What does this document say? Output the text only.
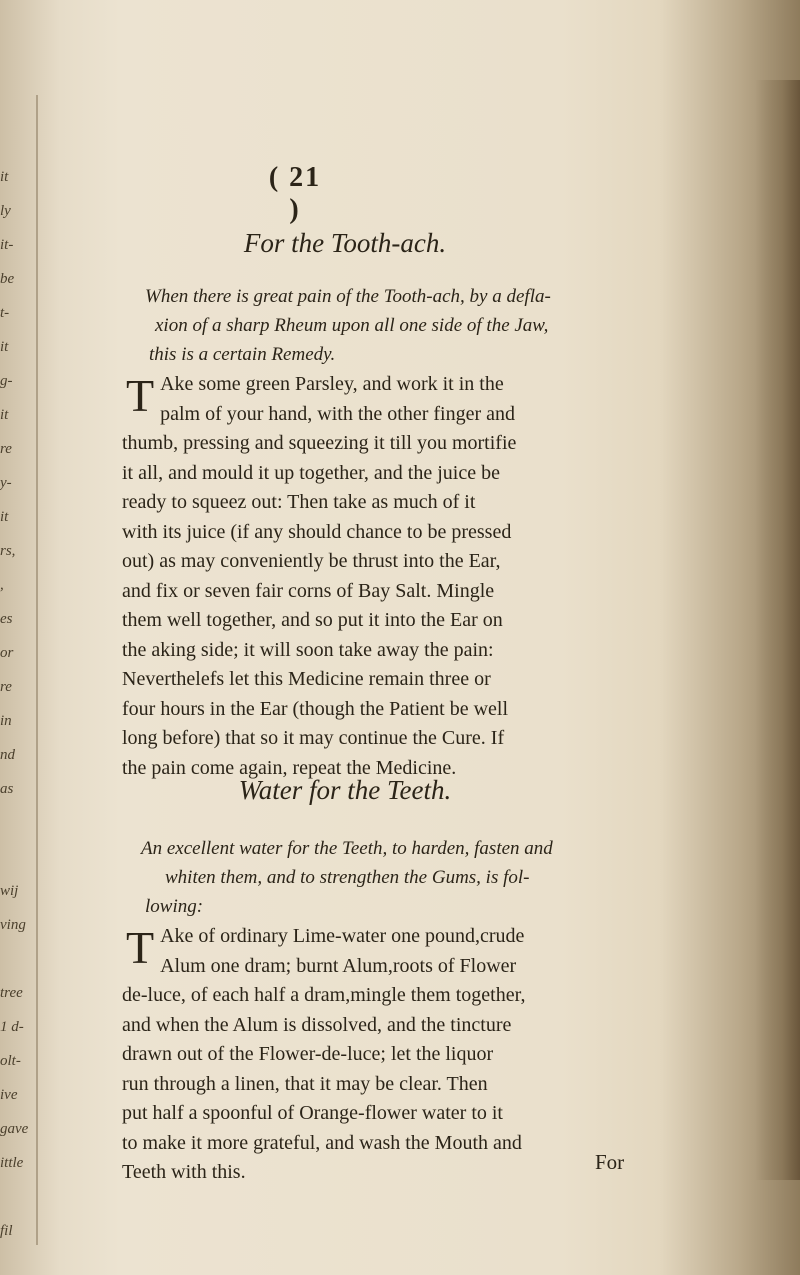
it
ly
it-
be
t-
it
g-
it
re
y-
it
rs,
,
es
or
re
in
nd
as
wij
ving
tree
1 d-
olt-
ive
gave
ittle
fil
( 21 )
For the Tooth-ach.
When there is great pain of the Tooth-ach, by a defla-
xion of a sharp Rheum upon all one side of the Jaw,
this is a certain Remedy.
T Ake some green Parsley, and work it in the
palm of your hand, with the other finger and
thumb, pressing and squeezing it till you mortifie
it all, and mould it up together, and the juice be
ready to squeez out: Then take as much of it
with its juice (if any should chance to be pressed
out) as may conveniently be thrust into the Ear,
and fix or seven fair corns of Bay Salt. Mingle
them well together, and so put it into the Ear on
the aking side; it will soon take away the pain:
Neverthelefs let this Medicine remain three or
four hours in the Ear (though the Patient be well
long before) that so it may continue the Cure. If
the pain come again, repeat the Medicine.
Water for the Teeth.
An excellent water for the Teeth, to harden, fasten and
whiten them, and to strengthen the Gums, is fol-
lowing:
T Ake of ordinary Lime-water one pound,crude
Alum one dram; burnt Alum,roots of Flower
de-luce, of each half a dram,mingle them together,
and when the Alum is dissolved, and the tincture
drawn out of the Flower-de-luce; let the liquor
run through a linen, that it may be clear. Then
put half a spoonful of Orange-flower water to it
to make it more grateful, and wash the Mouth and
Teeth with this.	For
